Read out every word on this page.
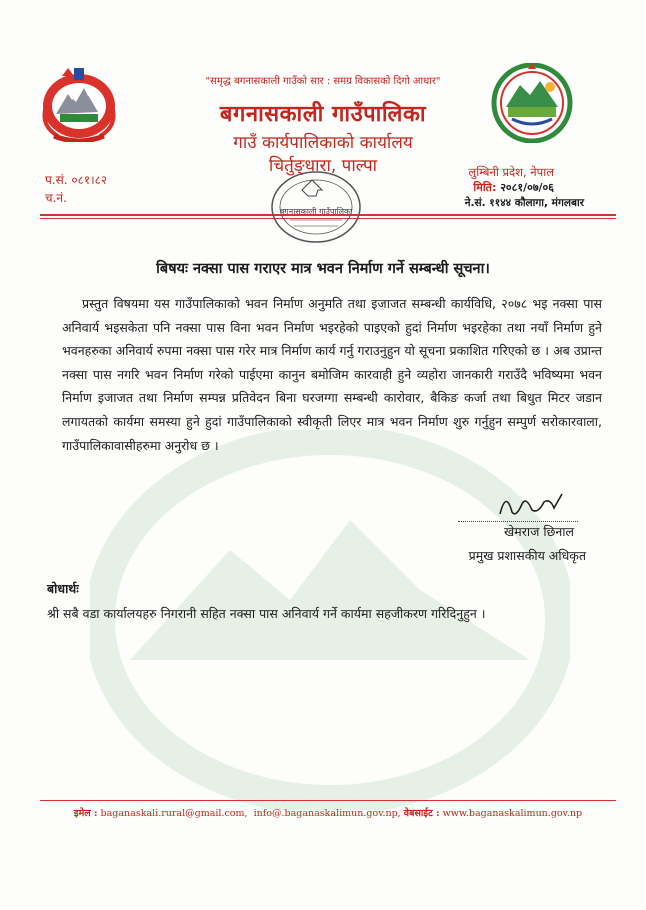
"समृद्ध बगनासकाली गाउँको सार : समग्र विकासको दिगो आधार"
बगनासकाली गाउँपालिका
गाउँ कार्यपालिकाको कार्यालय
चिर्तुङ्धारा, पाल्पा
प.सं. ०८१।८२
च.नं.
लुम्बिनी प्रदेश, नेपाल
मिति: २०८१/०७/०६
ने.सं. ११४४ कौलागा, मंगलबार
बगनासकाली गाउँपालिका
बिषयः नक्सा पास गराएर मात्र भवन निर्माण गर्ने सम्बन्धी सूचना।
प्रस्तुत विषयमा यस गाउँपालिकाको भवन निर्माण अनुमति तथा इजाजत सम्बन्धी कार्यविधि, २०७८ भइ नक्सा पास अनिवार्य भइसकेता पनि नक्सा पास विना भवन निर्माण भइरहेको पाइएको हुदां निर्माण भइरहेका तथा नयाँ निर्माण हुने भवनहरुका अनिवार्य रुपमा नक्सा पास गरेर मात्र निर्माण कार्य गर्नु गराउनुहुन यो सूचना प्रकाशित गरिएको छ । अब उप्रान्त नक्सा पास नगरि भवन निर्माण गरेको पाईएमा कानुन बमोजिम कारवाही हुने व्यहोरा जानकारी गराउँदै भविष्यमा भवन निर्माण इजाजत तथा निर्माण सम्पन्न प्रतिवेदन बिना घरजग्गा सम्बन्धी कारोवार, बैकिङ कर्जा तथा बिधुत मिटर जडान लगायतको कार्यमा समस्या हुने हुदां गाउँपालिकाको स्वीकृती लिएर मात्र भवन निर्माण शुरु गर्नुहुन सम्पुर्ण सरोकारवाला, गाउँपालिकावासीहरुमा अनुरोध छ ।
खेमराज छिनाल
प्रमुख प्रशासकीय अधिकृत
बोधार्थः
श्री सबै वडा कार्यालयहरु निगरानी सहित नक्सा पास अनिवार्य गर्ने कार्यमा सहजीकरण गरिदिनुहुन ।
इमेल : baganaskali.rural@gmail.com, info@.baganaskalimun.gov.np, वेबसाईट : www.baganaskalimun.gov.np
